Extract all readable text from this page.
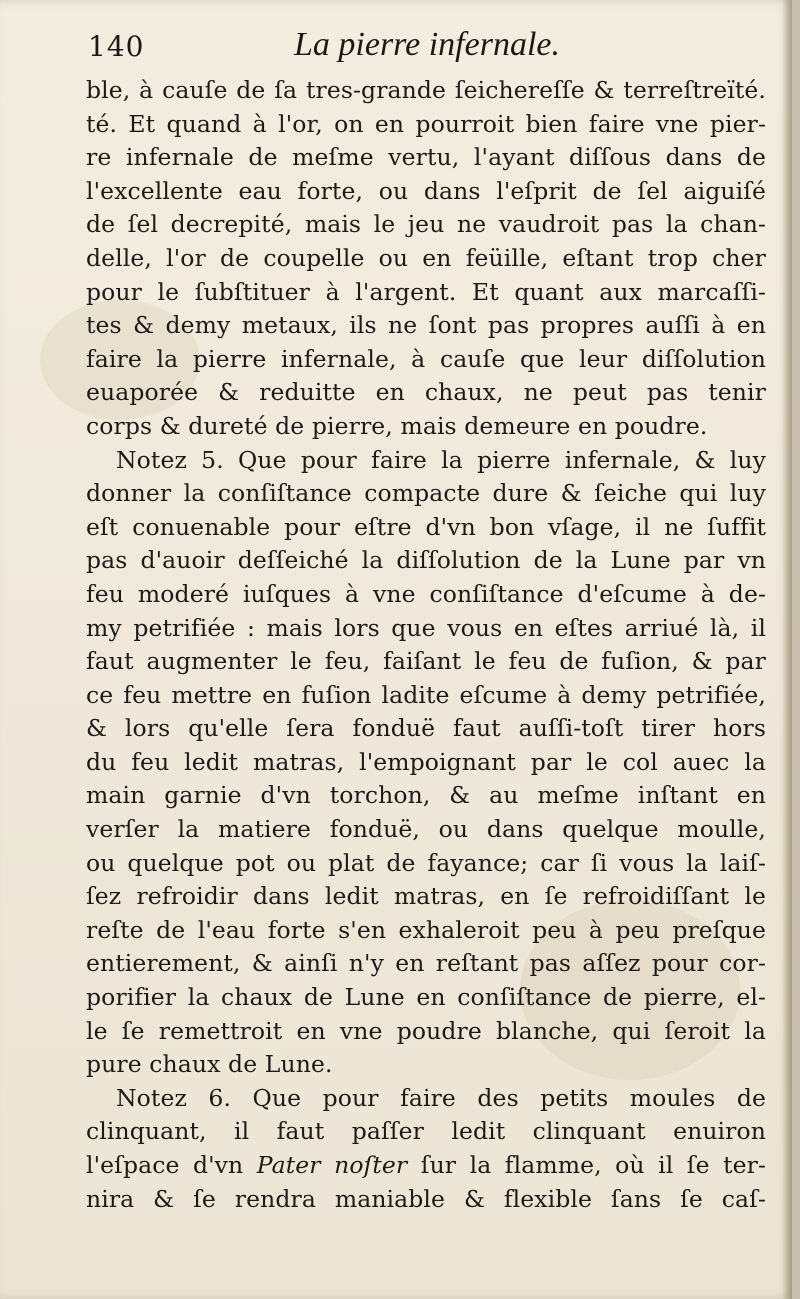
140	La pierre infernale.
ble, à cauſe de ſa tres-grande ſeichereſſe & terreſtreïté.
té. Et quand à l'or, on en pourroit bien faire vne pier-
re infernale de meſme vertu, l'ayant diſſous dans de
l'excellente eau forte, ou dans l'eſprit de ſel aiguiſé
de ſel decrepité, mais le jeu ne vaudroit pas la chan-
delle, l'or de coupelle ou en feüille, eſtant trop cher
pour le ſubſtituer à l'argent. Et quant aux marcaſſi-
tes & demy metaux, ils ne ſont pas propres auſſi à en
faire la pierre infernale, à cauſe que leur diſſolution
euaporée & reduitte en chaux, ne peut pas tenir
corps & dureté de pierre, mais demeure en poudre.
Notez 5. Que pour faire la pierre infernale, & luy
donner la conſiſtance compacte dure & ſeiche qui luy
eſt conuenable pour eſtre d'vn bon vſage, il ne ſuffit
pas d'auoir deſſeiché la diſſolution de la Lune par vn
feu moderé iuſques à vne conſiſtance d'eſcume à de-
my petrifiée : mais lors que vous en eſtes arriué là, il
faut augmenter le feu, faiſant le feu de fuſion, & par
ce feu mettre en fuſion ladite eſcume à demy petrifiée,
& lors qu'elle ſera fonduë faut auſſi-toſt tirer hors
du feu ledit matras, l'empoignant par le col auec la
main garnie d'vn torchon, & au meſme inſtant en
verſer la matiere fonduë, ou dans quelque moulle,
ou quelque pot ou plat de fayance; car ſi vous la laiſ-
ſez refroidir dans ledit matras, en ſe refroidiſſant le
reſte de l'eau forte s'en exhaleroit peu à peu preſque
entierement, & ainſi n'y en reſtant pas aſſez pour cor-
porifier la chaux de Lune en conſiſtance de pierre, el-
le ſe remettroit en vne poudre blanche, qui ſeroit la
pure chaux de Lune.
Notez 6. Que pour faire des petits moules de
clinquant, il faut paſſer ledit clinquant enuiron
l'eſpace d'vn Pater noſter ſur la flamme, où il ſe ter-
nira & ſe rendra maniable & flexible ſans ſe caſ-
